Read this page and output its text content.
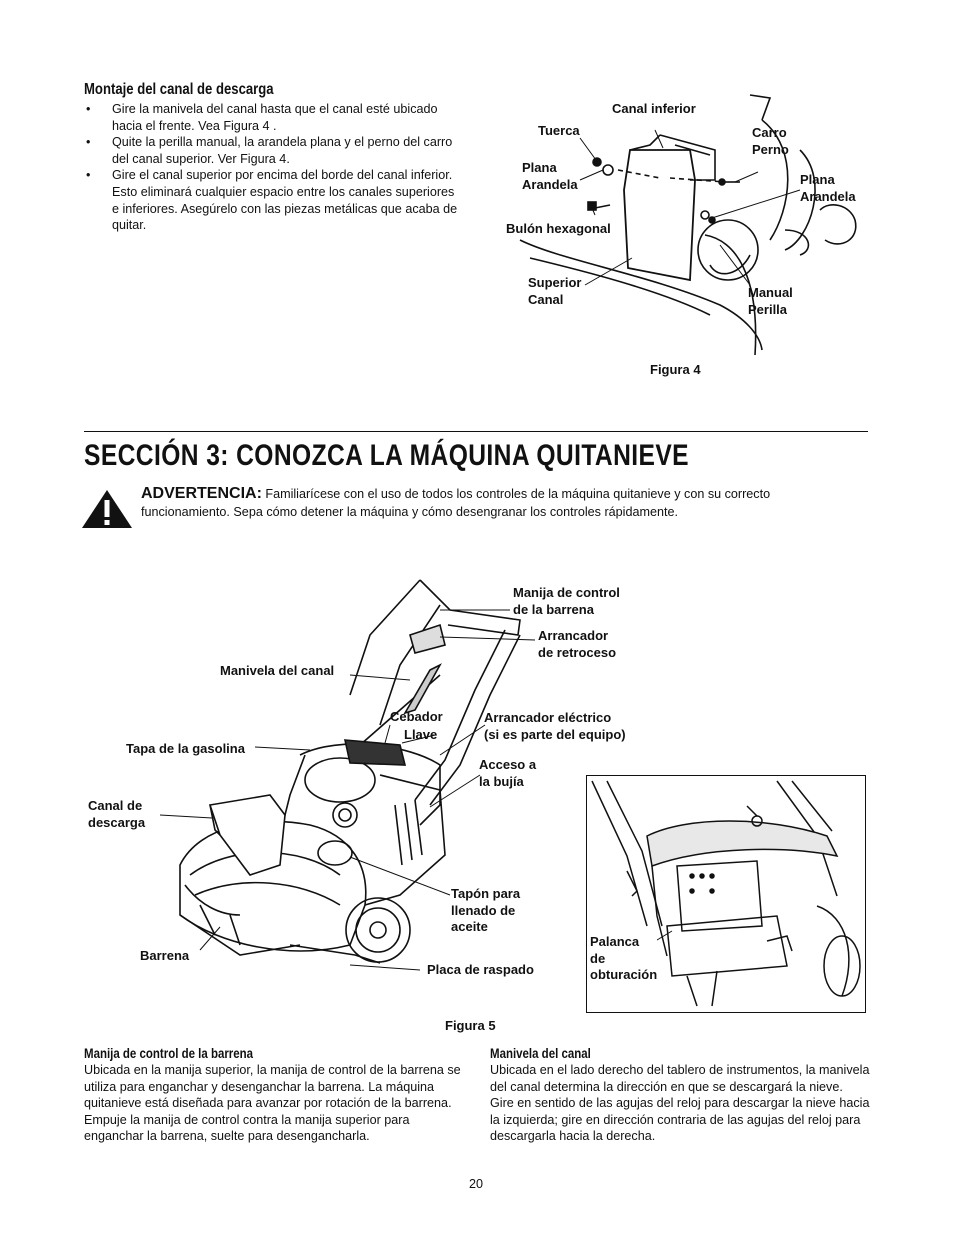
Montaje del canal de descarga
• Gire la manivela del canal hasta que el canal esté ubicado hacia el frente. Vea Figura 4 .
• Quite la perilla manual, la arandela plana y el perno del carro del canal superior. Ver Figura 4.
• Gire el canal superior por encima del borde del canal inferior. Esto eliminará cualquier espacio entre los canales superiores e inferiores. Asegúrelo con las piezas metálicas que acaba de quitar.
Canal inferior
Tuerca	Carro
Perno
Plana
Arandela	Plana
Arandela
Bulón hexagonal
Superior
Canal	Manual
Perilla
Figura 4
SECCIÓN 3: CONOZCA LA MÁQUINA QUITANIEVE
ADVERTENCIA: Familiarícese con el uso de todos los controles de la máquina quitanieve y con su correcto funcionamiento. Sepa cómo detener la máquina y cómo desengranar los controles rápidamente.
Manija de control
de la barrena
Arrancador
de retroceso
Manivela del canal
Cebador
Llave
Arrancador eléctrico
(si es parte del equipo)
Tapa de la gasolina
Acceso a
la bujía
Canal de
descarga
Tapón para
llenado de
aceite
Barrena
Placa de raspado
Palanca
de
obturación
Figura 5
Manija de control de la barrena
Ubicada en la manija superior, la manija de control de la barrena se utiliza para enganchar y desenganchar la barrena. La máquina quitanieve está diseñada para avanzar por rotación de la barrena. Empuje la manija de control contra la manija superior para enganchar la barrena, suelte para desengancharla.
Manivela del canal
Ubicada en el lado derecho del tablero de instrumentos, la manivela del canal determina la dirección en que se descargará la nieve. Gire en sentido de las agujas del reloj para descargar la nieve hacia la izquierda; gire en dirección contraria de las agujas del reloj para descargarla hacia la derecha.
20
